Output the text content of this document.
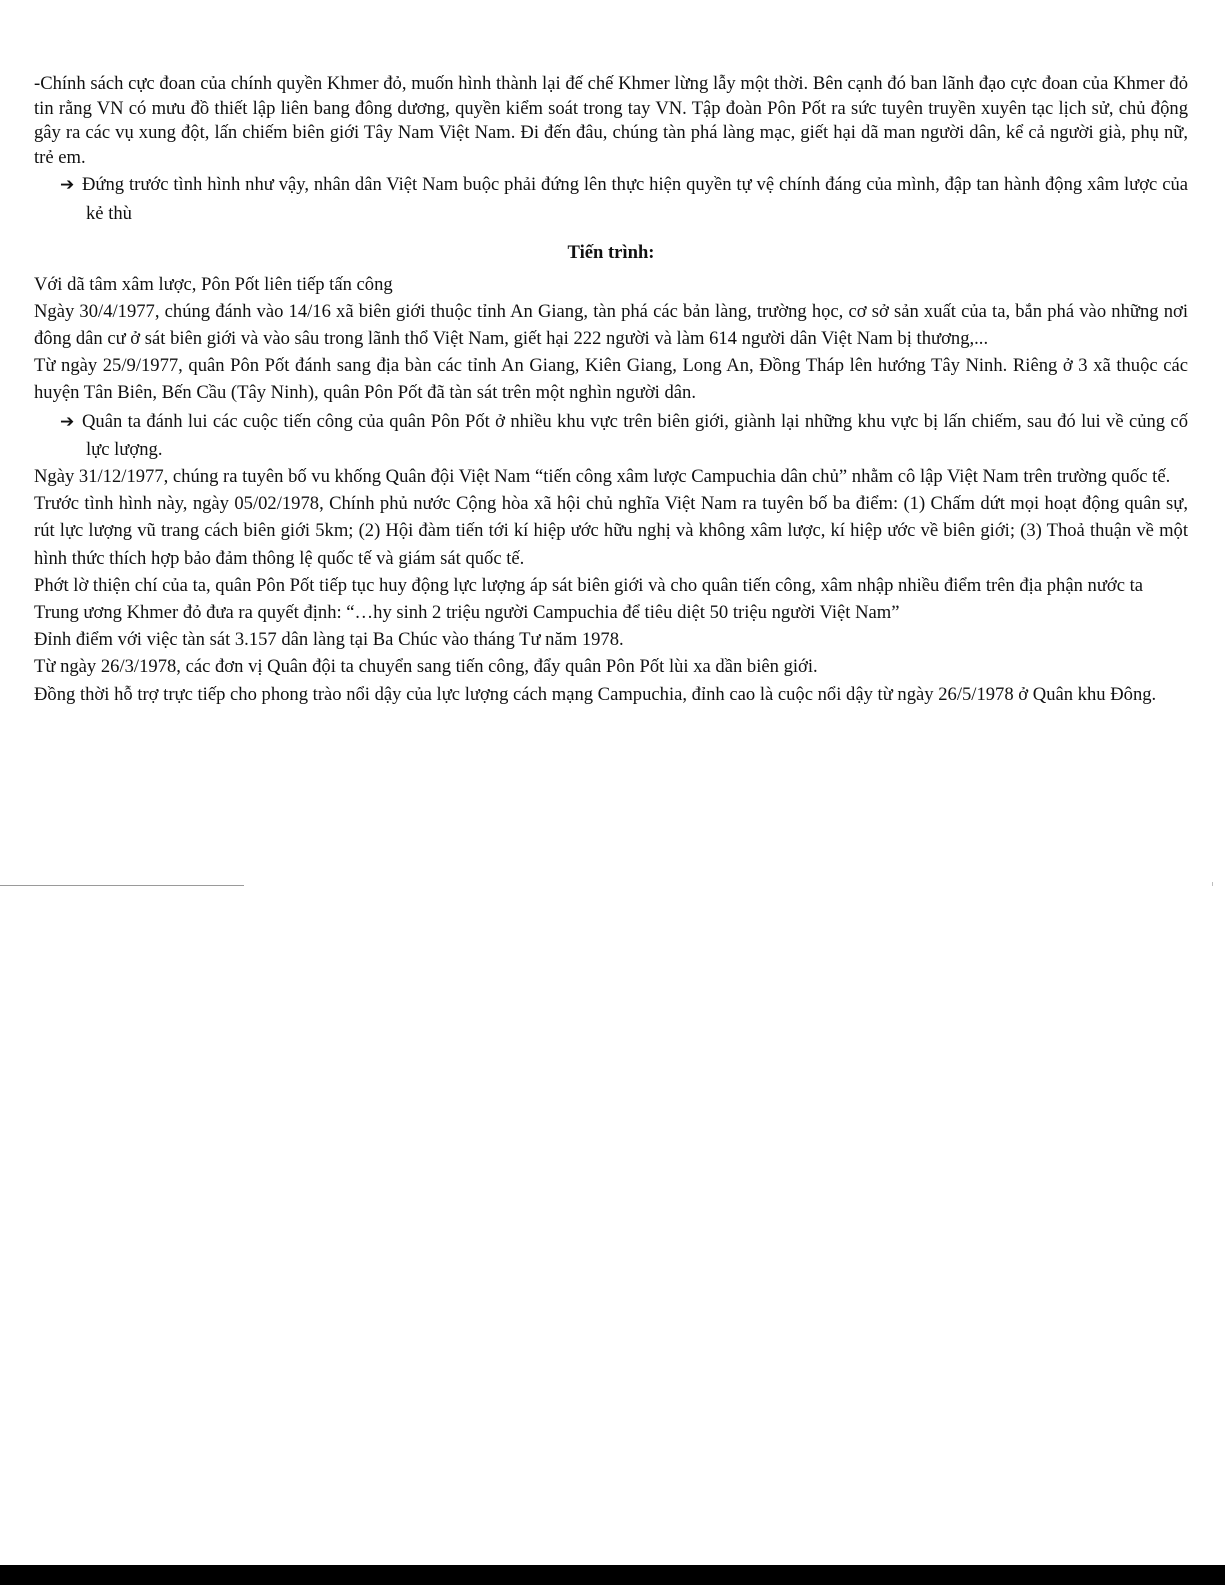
-Chính sách cực đoan của chính quyền Khmer đỏ, muốn hình thành lại đế chế Khmer lừng lẫy một thời. Bên cạnh đó ban lãnh đạo cực đoan của Khmer đỏ tin rằng VN có mưu đồ thiết lập liên bang đông dương, quyền kiểm soát trong tay VN. Tập đoàn Pôn Pốt ra sức tuyên truyền xuyên tạc lịch sử, chủ động gây ra các vụ xung đột, lấn chiếm biên giới Tây Nam Việt Nam. Đi đến đâu, chúng tàn phá làng mạc, giết hại dã man người dân, kể cả người già, phụ nữ, trẻ em.

➔ Đứng trước tình hình như vậy, nhân dân Việt Nam buộc phải đứng lên thực hiện quyền tự vệ chính đáng của mình, đập tan hành động xâm lược của kẻ thù

Tiến trình:

Với dã tâm xâm lược, Pôn Pốt liên tiếp tấn công

Ngày 30/4/1977, chúng đánh vào 14/16 xã biên giới thuộc tỉnh An Giang, tàn phá các bản làng, trường học, cơ sở sản xuất của ta, bắn phá vào những nơi đông dân cư ở sát biên giới và vào sâu trong lãnh thổ Việt Nam, giết hại 222 người và làm 614 người dân Việt Nam bị thương,...

Từ ngày 25/9/1977, quân Pôn Pốt đánh sang địa bàn các tỉnh An Giang, Kiên Giang, Long An, Đồng Tháp lên hướng Tây Ninh. Riêng ở 3 xã thuộc các huyện Tân Biên, Bến Cầu (Tây Ninh), quân Pôn Pốt đã tàn sát trên một nghìn người dân.

➔ Quân ta đánh lui các cuộc tiến công của quân Pôn Pốt ở nhiều khu vực trên biên giới, giành lại những khu vực bị lấn chiếm, sau đó lui về củng cố lực lượng.

Ngày 31/12/1977, chúng ra tuyên bố vu khống Quân đội Việt Nam “tiến công xâm lược Campuchia dân chủ” nhằm cô lập Việt Nam trên trường quốc tế.

Trước tình hình này, ngày 05/02/1978, Chính phủ nước Cộng hòa xã hội chủ nghĩa Việt Nam ra tuyên bố ba điểm: (1) Chấm dứt mọi hoạt động quân sự, rút lực lượng vũ trang cách biên giới 5km; (2) Hội đàm tiến tới kí hiệp ước hữu nghị và không xâm lược, kí hiệp ước về biên giới; (3) Thoả thuận về một hình thức thích hợp bảo đảm thông lệ quốc tế và giám sát quốc tế.

Phớt lờ thiện chí của ta, quân Pôn Pốt tiếp tục huy động lực lượng áp sát biên giới và cho quân tiến công, xâm nhập nhiều điểm trên địa phận nước ta

Trung ương Khmer đỏ đưa ra quyết định: “…hy sinh 2 triệu người Campuchia để tiêu diệt 50 triệu người Việt Nam”

Đỉnh điểm với việc tàn sát 3.157 dân làng tại Ba Chúc vào tháng Tư năm 1978.

Từ ngày 26/3/1978, các đơn vị Quân đội ta chuyển sang tiến công, đẩy quân Pôn Pốt lùi xa dần biên giới.

Đồng thời hỗ trợ trực tiếp cho phong trào nổi dậy của lực lượng cách mạng Campuchia, đỉnh cao là cuộc nổi dậy từ ngày 26/5/1978 ở Quân khu Đông.
